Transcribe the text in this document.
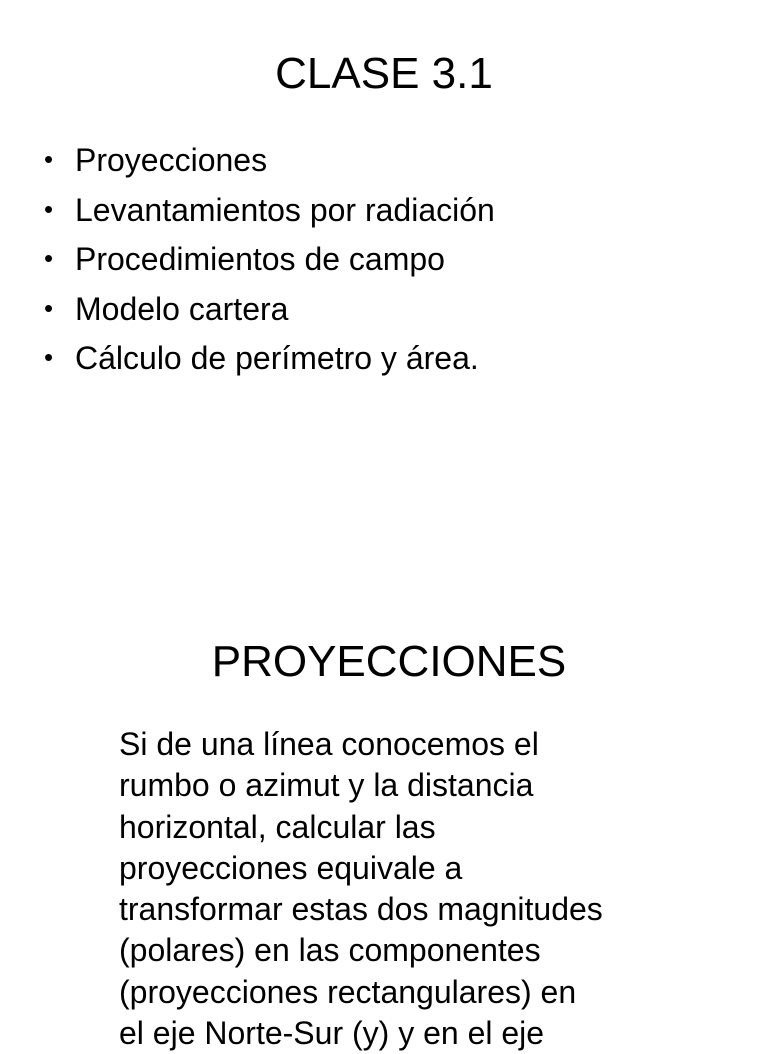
CLASE 3.1
• Proyecciones
• Levantamientos por radiación
• Procedimientos de campo
• Modelo cartera
• Cálculo de perímetro y área.
PROYECCIONES

Si de una línea conocemos el
rumbo o azimut y la distancia
horizontal, calcular las
proyecciones equivale a
transformar estas dos magnitudes
(polares) en las componentes
(proyecciones rectangulares) en
el eje Norte-Sur (y) y en el eje
